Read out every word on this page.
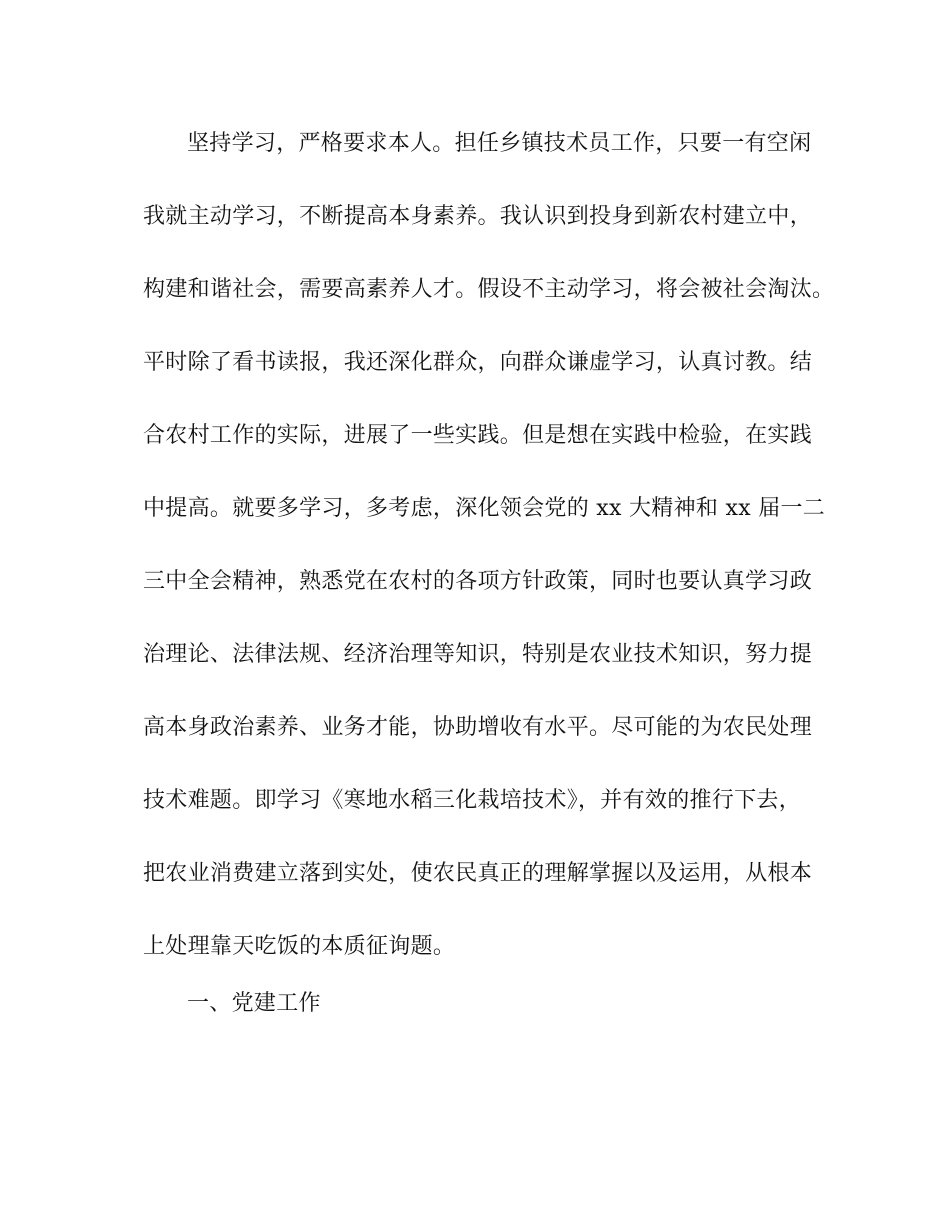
坚持学习，严格要求本人。担任乡镇技术员工作，只要一有空闲
我就主动学习，不断提高本身素养。我认识到投身到新农村建立中，
构建和谐社会，需要高素养人才。假设不主动学习，将会被社会淘汰。
平时除了看书读报，我还深化群众，向群众谦虚学习，认真讨教。结
合农村工作的实际，进展了一些实践。但是想在实践中检验，在实践
中提高。就要多学习，多考虑，深化领会党的 xx 大精神和 xx 届一二
三中全会精神，熟悉党在农村的各项方针政策，同时也要认真学习政
治理论、法律法规、经济治理等知识，特别是农业技术知识，努力提
高本身政治素养、业务才能，协助增收有水平。尽可能的为农民处理
技术难题。即学习《寒地水稻三化栽培技术》，并有效的推行下去，
把农业消费建立落到实处，使农民真正的理解掌握以及运用，从根本
上处理靠天吃饭的本质征询题。
一、党建工作
